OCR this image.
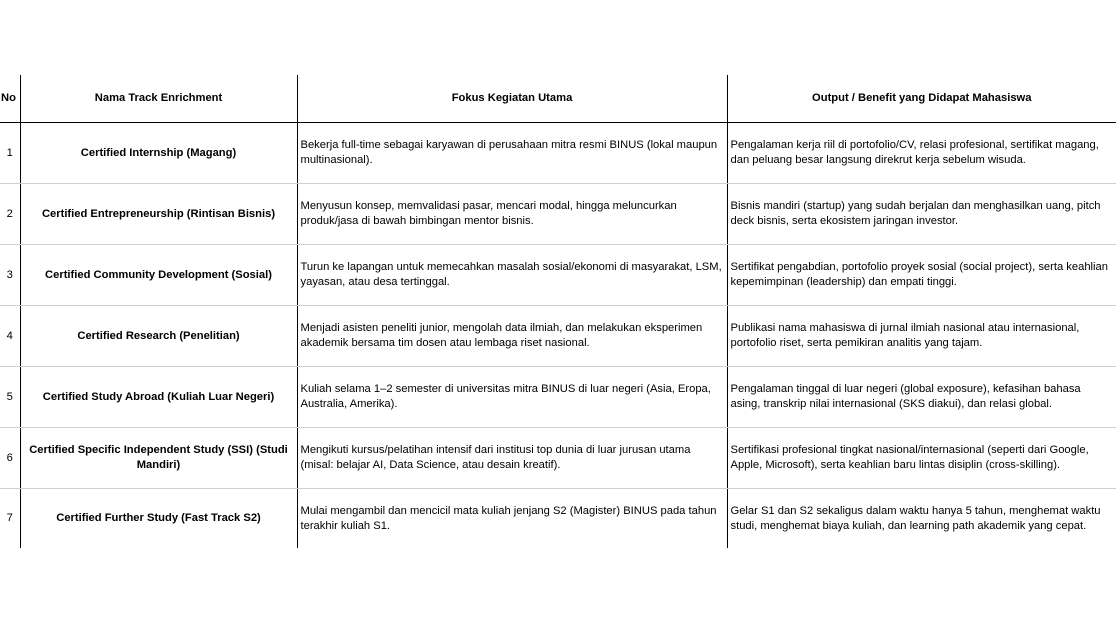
No	Nama Track Enrichment	Fokus Kegiatan Utama	Output / Benefit yang Didapat Mahasiswa
1	Certified Internship (Magang)	Bekerja full-time sebagai karyawan di perusahaan mitra resmi BINUS (lokal maupun multinasional).	Pengalaman kerja riil di portofolio/CV, relasi profesional, sertifikat magang, dan peluang besar langsung direkrut kerja sebelum wisuda.
2	Certified Entrepreneurship (Rintisan Bisnis)	Menyusun konsep, memvalidasi pasar, mencari modal, hingga meluncurkan produk/jasa di bawah bimbingan mentor bisnis.	Bisnis mandiri (startup) yang sudah berjalan dan menghasilkan uang, pitch deck bisnis, serta ekosistem jaringan investor.
3	Certified Community Development (Sosial)	Turun ke lapangan untuk memecahkan masalah sosial/ekonomi di masyarakat, LSM, yayasan, atau desa tertinggal.	Sertifikat pengabdian, portofolio proyek sosial (social project), serta keahlian kepemimpinan (leadership) dan empati tinggi.
4	Certified Research (Penelitian)	Menjadi asisten peneliti junior, mengolah data ilmiah, dan melakukan eksperimen akademik bersama tim dosen atau lembaga riset nasional.	Publikasi nama mahasiswa di jurnal ilmiah nasional atau internasional, portofolio riset, serta pemikiran analitis yang tajam.
5	Certified Study Abroad (Kuliah Luar Negeri)	Kuliah selama 1–2 semester di universitas mitra BINUS di luar negeri (Asia, Eropa, Australia, Amerika).	Pengalaman tinggal di luar negeri (global exposure), kefasihan bahasa asing, transkrip nilai internasional (SKS diakui), dan relasi global.
6	Certified Specific Independent Study (SSI) (Studi Mandiri)	Mengikuti kursus/pelatihan intensif dari institusi top dunia di luar jurusan utama (misal: belajar AI, Data Science, atau desain kreatif).	Sertifikasi profesional tingkat nasional/internasional (seperti dari Google, Apple, Microsoft), serta keahlian baru lintas disiplin (cross-skilling).
7	Certified Further Study (Fast Track S2)	Mulai mengambil dan mencicil mata kuliah jenjang S2 (Magister) BINUS pada tahun terakhir kuliah S1.	Gelar S1 dan S2 sekaligus dalam waktu hanya 5 tahun, menghemat waktu studi, menghemat biaya kuliah, dan learning path akademik yang cepat.
